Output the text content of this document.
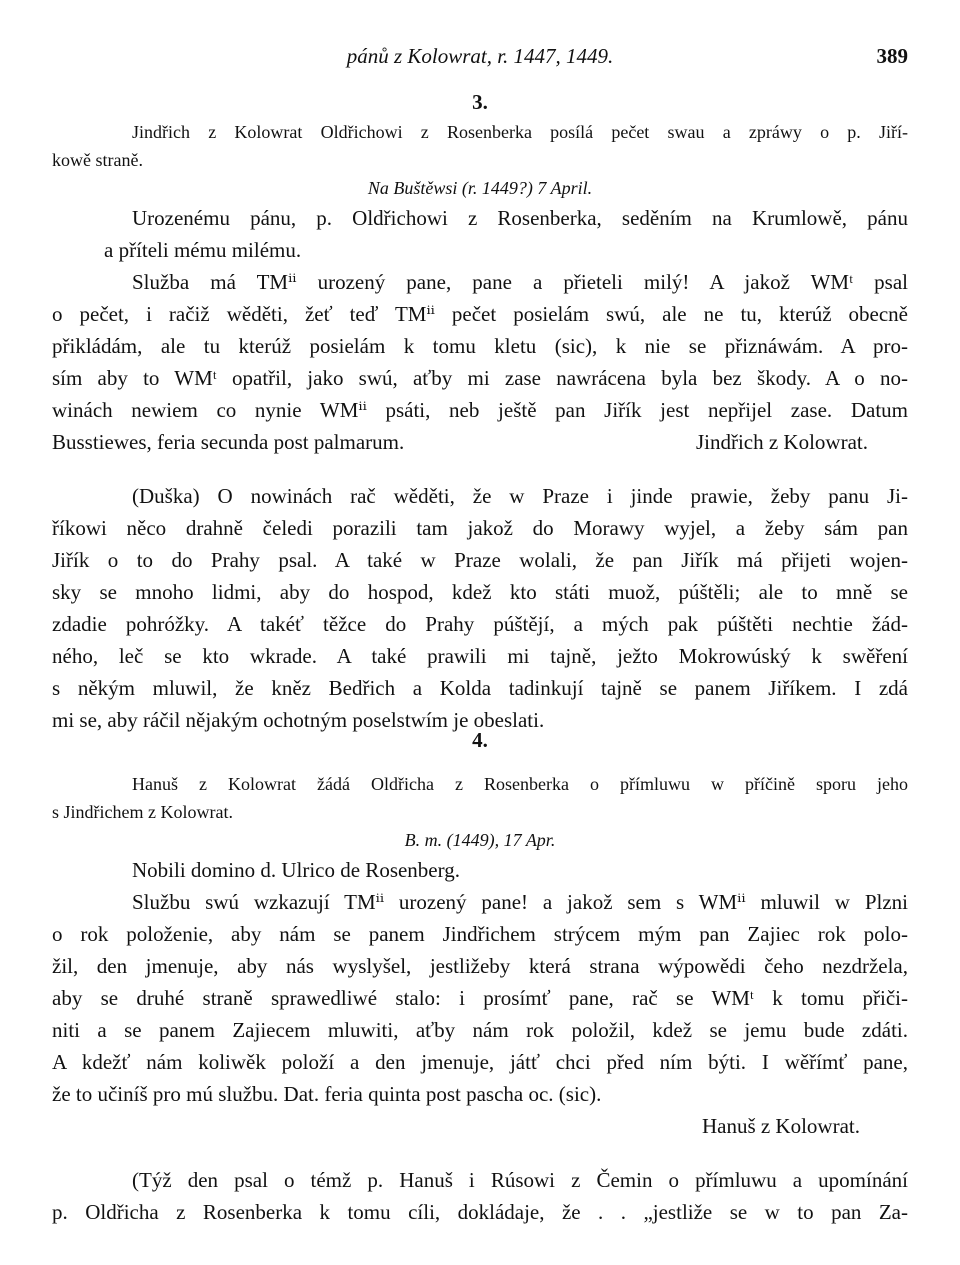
pánů z Kolowrat, r. 1447, 1449.	389
3.
Jindřich z Kolowrat Oldřichowi z Rosenberka posílá pečet swau a zpráwy o p. Jiří-
kowě straně.
Na Buštěwsi (r. 1449?) 7 April.
Urozenému pánu, p. Oldřichowi z Rosenberka, seděním na Krumlowě, pánu
a příteli mému milému.
Služba má TMⁱⁱ urozený pane, pane a přieteli milý! A jakož WMᵗ psal
o pečet, i račiž wěděti, žeť teď TMⁱⁱ pečet posielám swú, ale ne tu, kterúž obecně
přikládám, ale tu kterúž posielám k tomu kletu (sic), k nie se přiznáwám. A pro-
sím aby to WMᵗ opatřil, jako swú, aťby mi zase nawrácena byla bez škody. A o no-
winách newiem co nynie WMⁱⁱ psáti, neb ještě pan Jiřík jest nepřijel zase. Datum
Busstiewes, feria secunda post palmarum.	Jindřich z Kolowrat.
(Duška) O nowinách rač wěděti, že w Praze i jinde prawie, žeby panu Ji-
říkowi něco drahně čeledi porazili tam jakož do Morawy wyjel, a žeby sám pan
Jiřík o to do Prahy psal. A také w Praze wolali, že pan Jiřík má přijeti wojen-
sky se mnoho lidmi, aby do hospod, kdež kto státi muož, púštěli; ale to mně se
zdadie pohróžky. A takéť těžce do Prahy púštějí, a mých pak púštěti nechtie žád-
ného, leč se kto wkrade. A také prawili mi tajně, ježto Mokrowúský k swěření
s někým mluwil, že kněz Bedřich a Kolda tadinkují tajně se panem Jiříkem. I zdá
mi se, aby ráčil nějakým ochotným poselstwím je obeslati.
4.
Hanuš z Kolowrat žádá Oldřicha z Rosenberka o přímluwu w příčině sporu jeho
s Jindřichem z Kolowrat.
B. m. (1449), 17 Apr.
Nobili domino d. Ulrico de Rosenberg.
Službu swú wzkazují TMⁱⁱ urozený pane! a jakož sem s WMⁱⁱ mluwil w Plzni
o rok položenie, aby nám se panem Jindřichem strýcem mým pan Zajiec rok polo-
žil, den jmenuje, aby nás wyslyšel, jestližeby která strana wýpowědi čeho nezdržela,
aby se druhé straně sprawedliwé stalo: i prosímť pane, rač se WMᵗ k tomu přiči-
niti a se panem Zajiecem mluwiti, aťby nám rok položil, kdež se jemu bude zdáti.
A kdežť nám koliwěk položí a den jmenuje, játť chci před ním býti. I wěřímť pane,
že to učiníš pro mú službu. Dat. feria quinta post pascha oc. (sic).
Hanuš z Kolowrat.
(Týž den psal o témž p. Hanuš i Rúsowi z Čemin o přímluwu a upomínání
p. Oldřicha z Rosenberka k tomu cíli, dokládaje, že . . „jestliže se w to pan Za-
